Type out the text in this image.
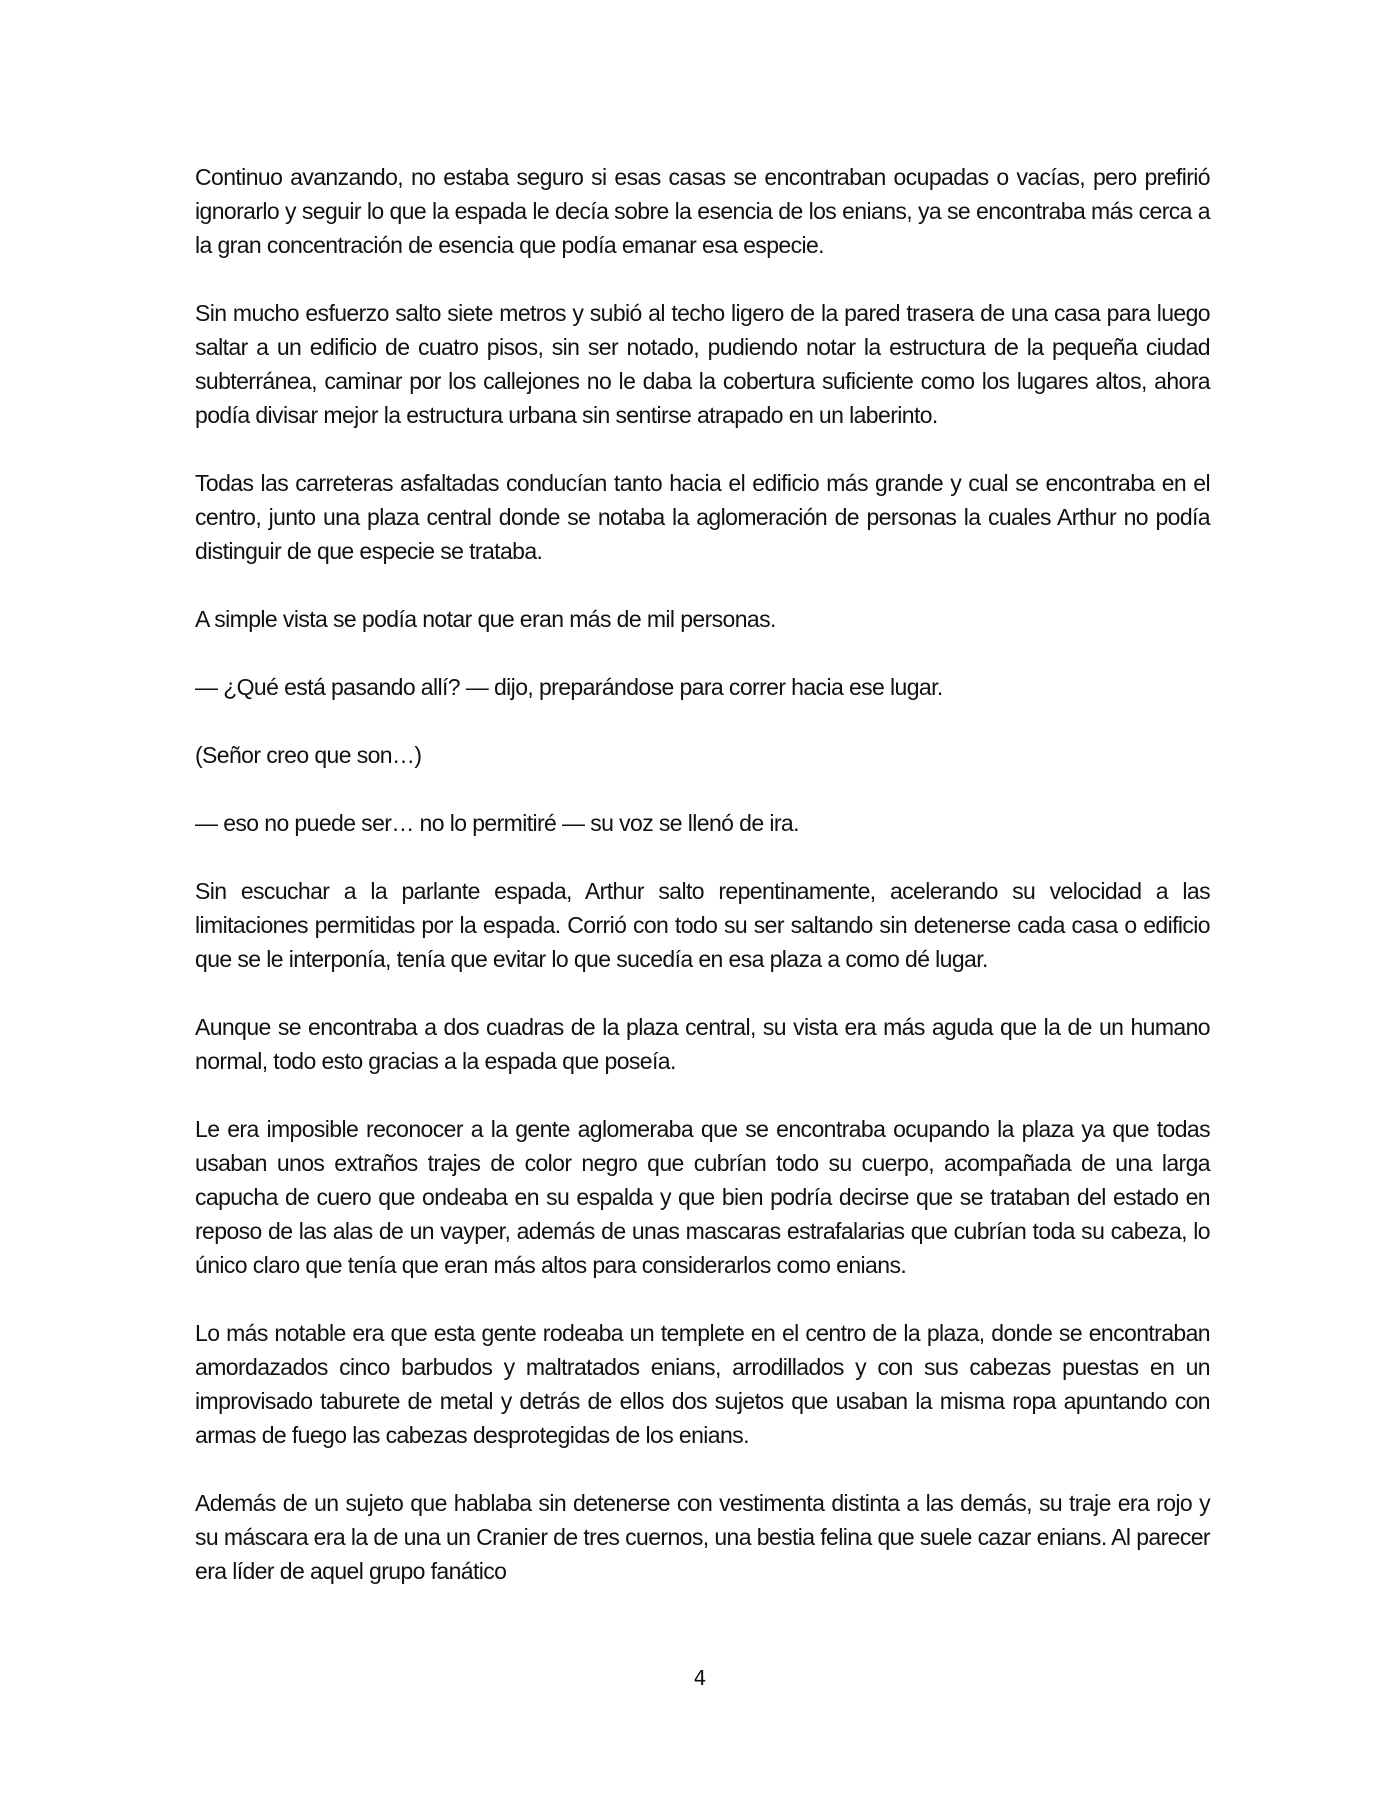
Continuo avanzando, no estaba seguro si esas casas se encontraban ocupadas o vacías, pero prefirió ignorarlo y seguir lo que la espada le decía sobre la esencia de los enians, ya se encontraba más cerca a la gran concentración de esencia que podía emanar esa especie.

Sin mucho esfuerzo salto siete metros y subió al techo ligero de la pared trasera de una casa para luego saltar a un edificio de cuatro pisos, sin ser notado, pudiendo notar la estructura de la pequeña ciudad subterránea, caminar por los callejones no le daba la cobertura suficiente como los lugares altos, ahora podía divisar mejor la estructura urbana sin sentirse atrapado en un laberinto.

Todas las carreteras asfaltadas conducían tanto hacia el edificio más grande y cual se encontraba en el centro, junto una plaza central donde se notaba la aglomeración de personas la cuales Arthur no podía distinguir de que especie se trataba.

A simple vista se podía notar que eran más de mil personas.

— ¿Qué está pasando allí? — dijo, preparándose para correr hacia ese lugar.

(Señor creo que son…)

— eso no puede ser… no lo permitiré — su voz se llenó de ira.

Sin escuchar a la parlante espada, Arthur salto repentinamente, acelerando su velocidad a las limitaciones permitidas por la espada. Corrió con todo su ser saltando sin detenerse cada casa o edificio que se le interponía, tenía que evitar lo que sucedía en esa plaza a como dé lugar.

Aunque se encontraba a dos cuadras de la plaza central, su vista era más aguda que la de un humano normal, todo esto gracias a la espada que poseía.

Le era imposible reconocer a la gente aglomeraba que se encontraba ocupando la plaza ya que todas usaban unos extraños trajes de color negro que cubrían todo su cuerpo, acompañada de una larga capucha de cuero que ondeaba en su espalda y que bien podría decirse que se trataban del estado en reposo de las alas de un vayper, además de unas mascaras estrafalarias que cubrían toda su cabeza, lo único claro que tenía que eran más altos para considerarlos como enians.

Lo más notable era que esta gente rodeaba un templete en el centro de la plaza, donde se encontraban amordazados cinco barbudos y maltratados enians, arrodillados y con sus cabezas puestas en un improvisado taburete de metal y detrás de ellos dos sujetos que usaban la misma ropa apuntando con armas de fuego las cabezas desprotegidas de los enians.

Además de un sujeto que hablaba sin detenerse con vestimenta distinta a las demás, su traje era rojo y su máscara era la de una un Cranier de tres cuernos, una bestia felina que suele cazar enians. Al parecer era líder de aquel grupo fanático

4
